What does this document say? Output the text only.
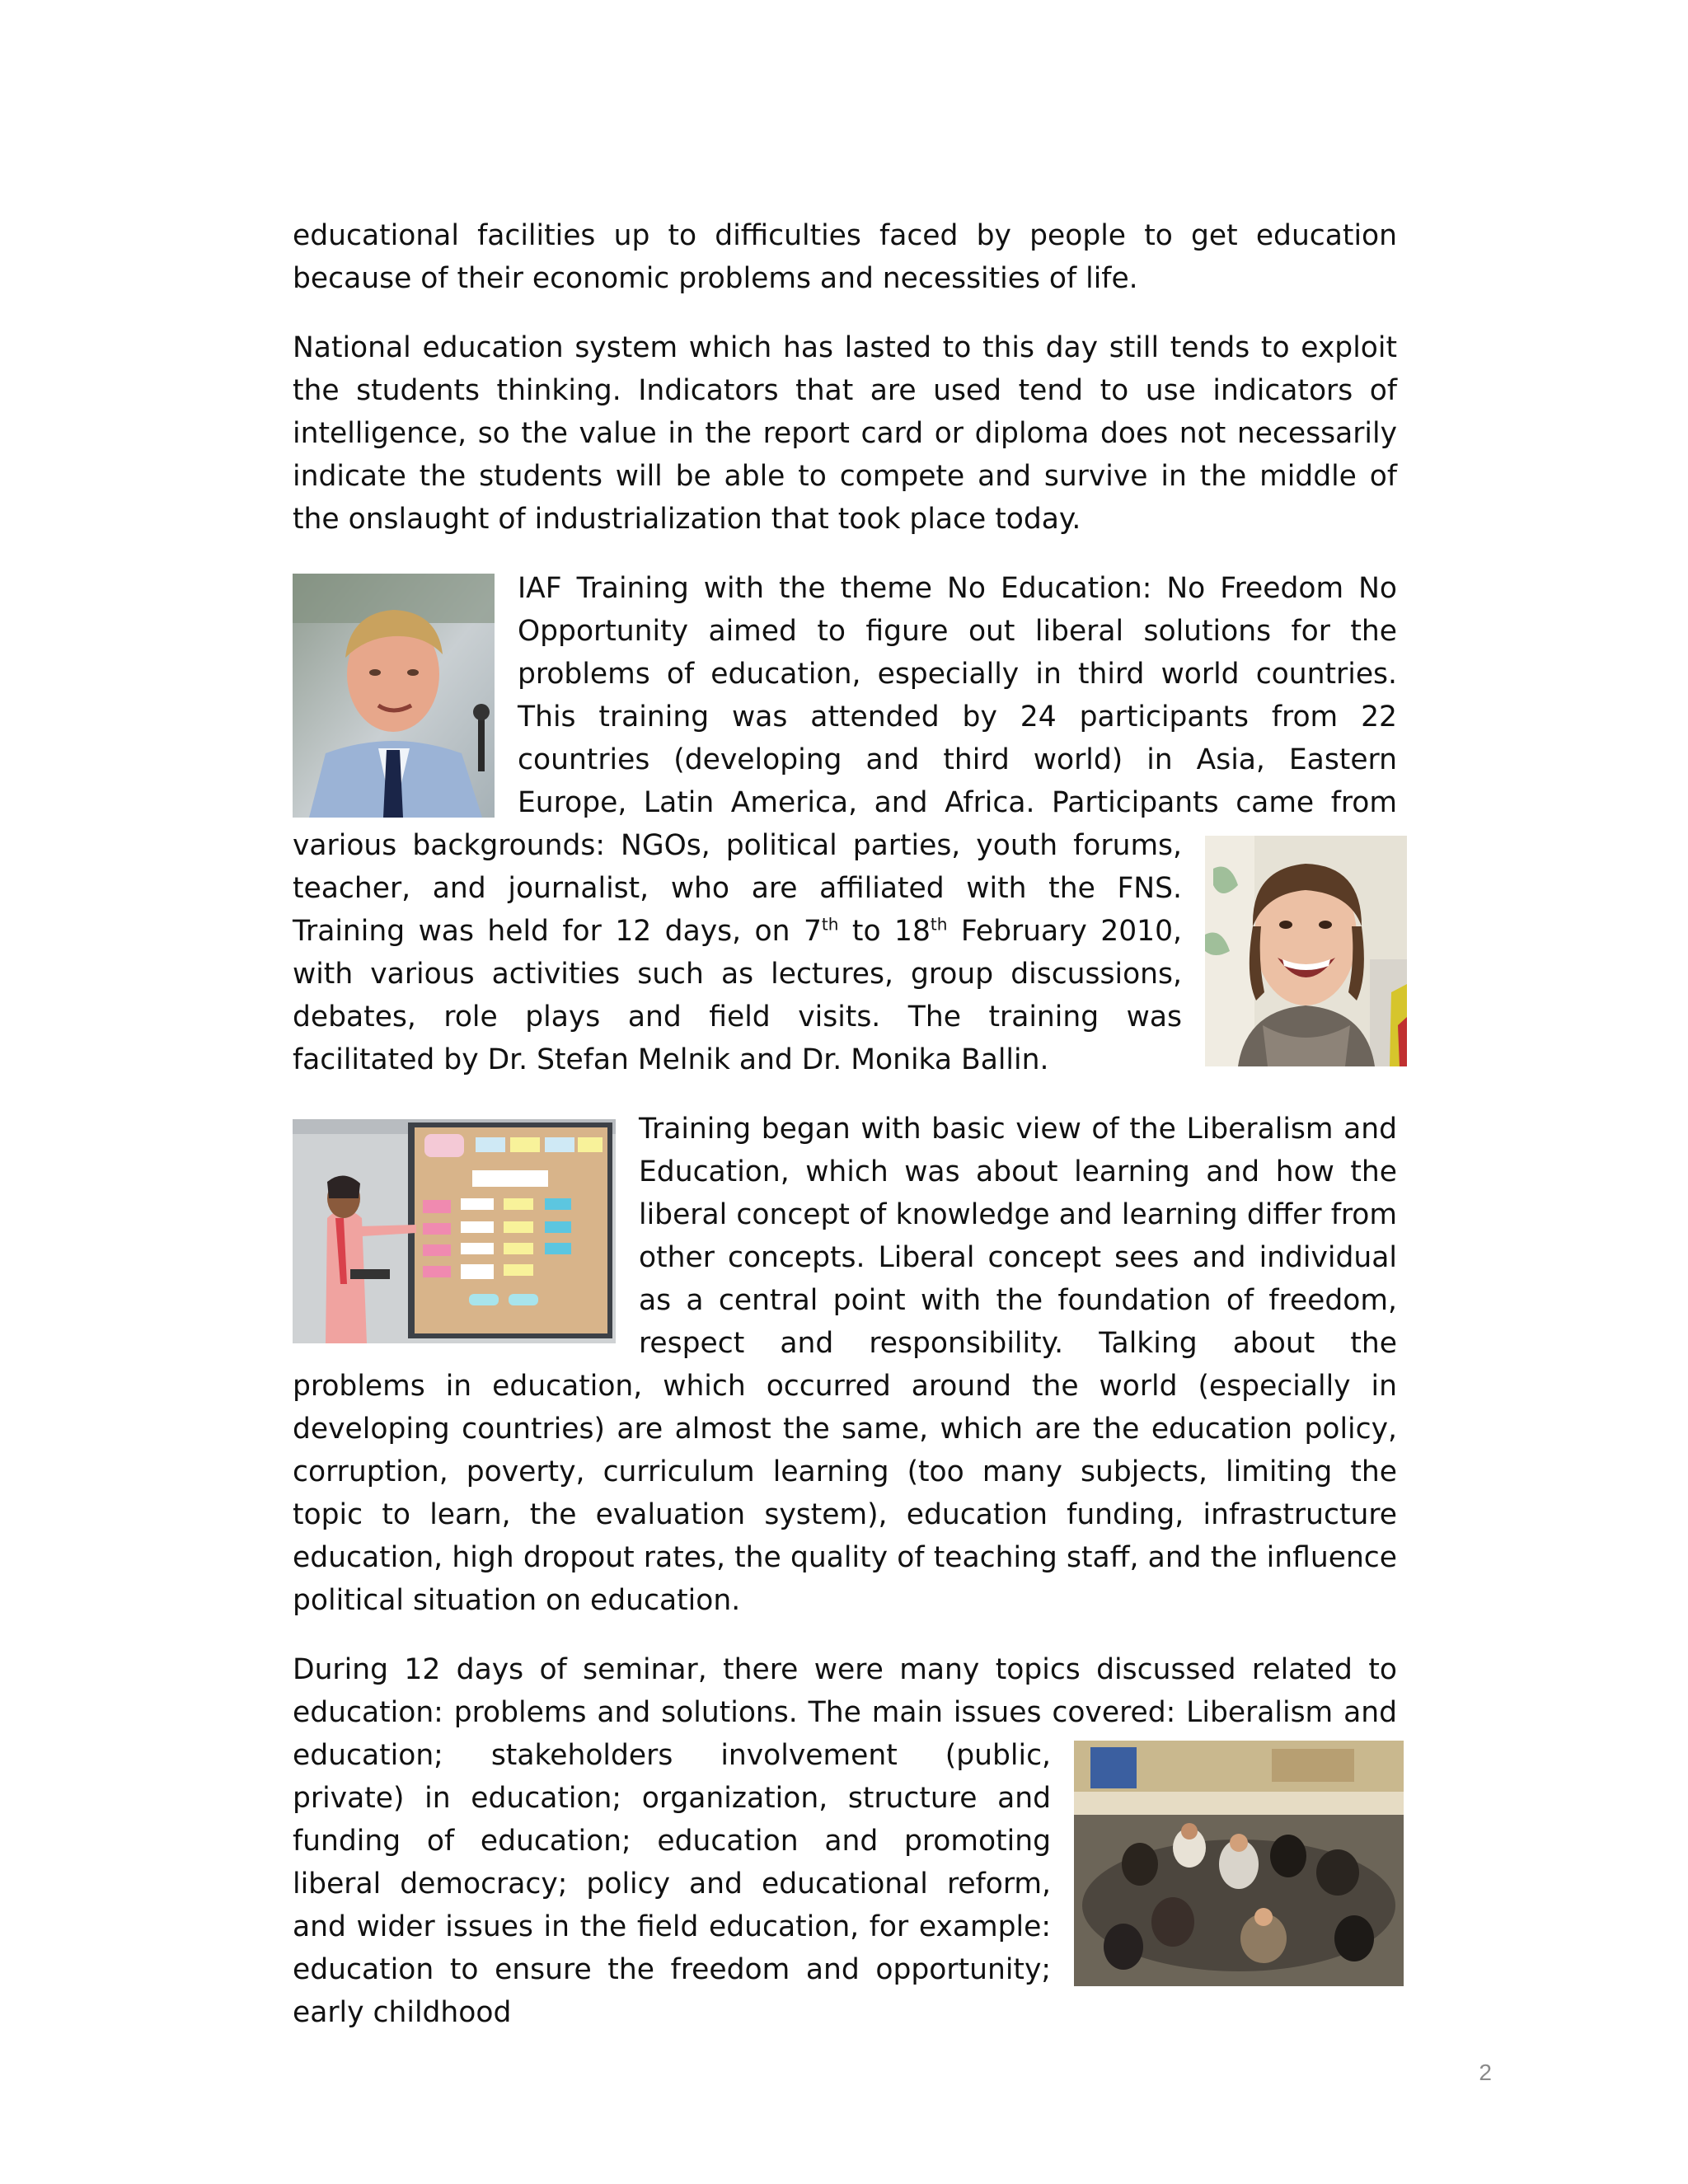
educational facilities up to difficulties faced by people to get education because of their economic problems and necessities of life.

National education system which has lasted to this day still tends to exploit the students thinking. Indicators that are used tend to use indicators of intelligence, so the value in the report card or diploma does not necessarily indicate the students will be able to compete and survive in the middle of the onslaught of industrialization that took place today.

IAF Training with the theme No Education: No Freedom No Opportunity aimed to figure out liberal solutions for the problems of education, especially in third world countries. This training was attended by 24 participants from 22 countries (developing and third world) in Asia, Eastern Europe, Latin America, and Africa. Participants came from various
backgrounds: NGOs, political parties, youth forums, teacher, and journalist, who are affiliated with the FNS. Training was held for 12 days, on 7th to 18th February 2010, with various activities such as lectures, group discussions, debates, role plays and field visits. The training was facilitated by Dr. Stefan Melnik and Dr. Monika Ballin.
Training began with basic view of the Liberalism and Education, which was about learning and how the liberal concept of knowledge and learning differ from other concepts. Liberal concept sees and individual as a central point with the foundation of freedom, respect and responsibility. Talking about the problems in education, which occurred around the world (especially in developing countries) are almost the same, which are the education policy, corruption, poverty, curriculum learning (too many subjects, limiting the topic to learn, the evaluation system), education funding, infrastructure education, high dropout rates, the quality of teaching staff, and the influence political situation on education.
During 12 days of seminar, there were many topics discussed related to education: problems and solutions. The main issues covered: Liberalism and
education; stakeholders involvement (public, private) in education; organization, structure and funding of education; education and promoting liberal democracy; policy and educational reform, and wider issues in the field education, for example: education to ensure the freedom and opportunity; early childhood
2
